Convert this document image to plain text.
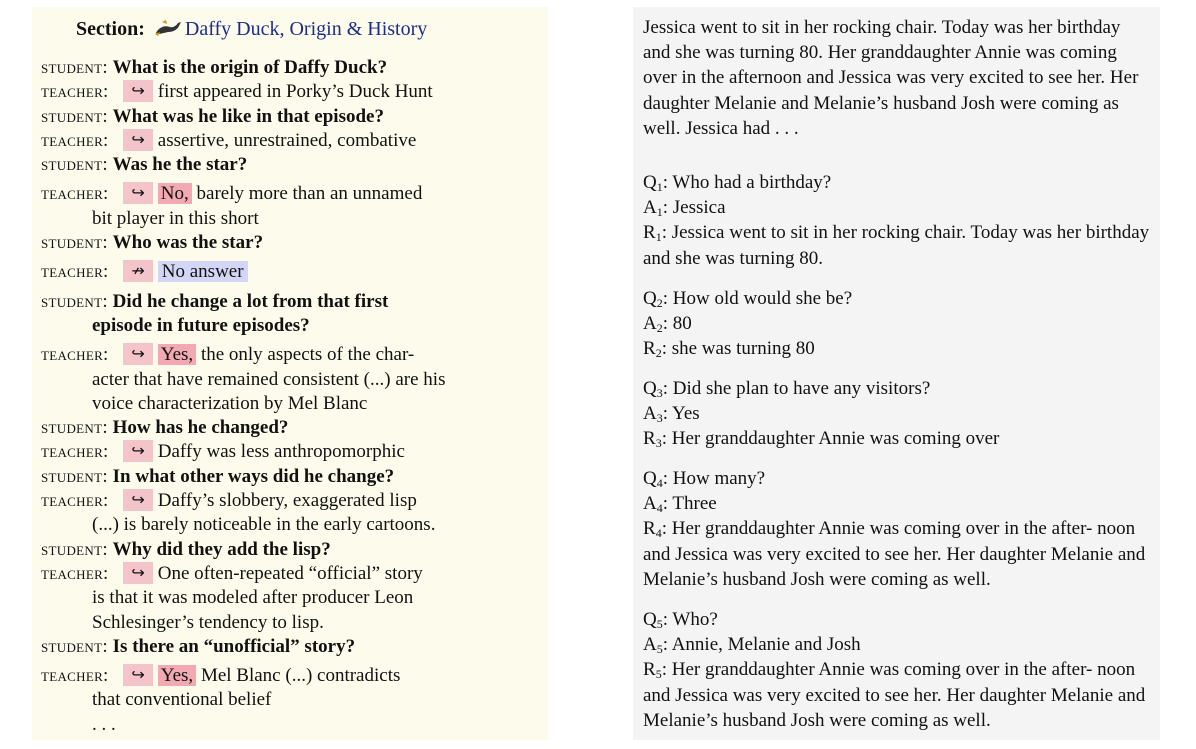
Section: Daffy Duck, Origin & History
student: What is the origin of Daffy Duck?
teacher: ↪ first appeared in Porky’s Duck Hunt
student: What was he like in that episode?
teacher: ↪ assertive, unrestrained, combative
student: Was he the star?
teacher: ↪ No, barely more than an unnamed
bit player in this short
student: Who was the star?
teacher: ↛ No answer
student: Did he change a lot from that first
episode in future episodes?
teacher: ↪ Yes, the only aspects of the char-
acter that have remained consistent (...) are his
voice characterization by Mel Blanc
student: How has he changed?
teacher: ↪ Daffy was less anthropomorphic
student: In what other ways did he change?
teacher: ↪ Daffy’s slobbery, exaggerated lisp
(...) is barely noticeable in the early cartoons.
student: Why did they add the lisp?
teacher: ↪ One often-repeated “official” story
is that it was modeled after producer Leon
Schlesinger’s tendency to lisp.
student: Is there an “unofficial” story?
teacher: ↪ Yes, Mel Blanc (...) contradicts
that conventional belief
. . .
Jessica went to sit in her rocking chair. Today was her birthday and she was turning 80. Her granddaughter Annie was coming over in the afternoon and Jessica was very excited to see her. Her daughter Melanie and Melanie’s husband Josh were coming as well. Jessica had . . .
$Q_1$: Who had a birthday?
$A_1$: Jessica
$R_1$: Jessica went to sit in her rocking chair. Today was her birthday and she was turning 80.
$Q_2$: How old would she be?
$A_2$: 80
$R_2$: she was turning 80
$Q_3$: Did she plan to have any visitors?
$A_3$: Yes
$R_3$: Her granddaughter Annie was coming over
$Q_4$: How many?
$A_4$: Three
$R_4$: Her granddaughter Annie was coming over in the after- noon and Jessica was very excited to see her. Her daughter Melanie and Melanie’s husband Josh were coming as well.
$Q_5$: Who?
$A_5$: Annie, Melanie and Josh
$R_5$: Her granddaughter Annie was coming over in the after- noon and Jessica was very excited to see her. Her daughter Melanie and Melanie’s husband Josh were coming as well.
